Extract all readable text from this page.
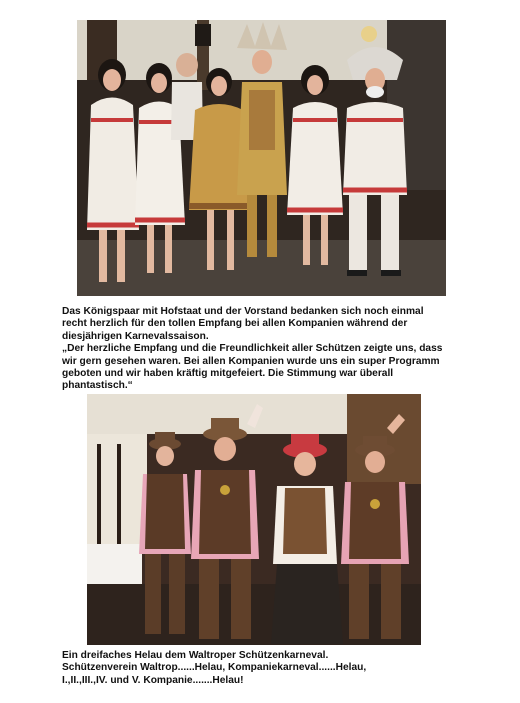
Das Königspaar mit Hofstaat und der Vorstand bedanken sich noch einmal
recht herzlich für den tollen Empfang bei allen Kompanien während der
diesjährigen Karnevalssaison.
„Der herzliche Empfang und die Freundlichkeit aller Schützen zeigte uns, dass
wir gern gesehen waren. Bei allen Kompanien wurde uns ein super Programm
geboten und wir haben kräftig mitgefeiert. Die Stimmung war überall
phantastisch.“
Ein dreifaches Helau dem Waltroper Schützenkarneval.
Schützenverein Waltrop......Helau, Kompaniekarneval......Helau,
I.,II.,III.,IV. und V. Kompanie.......Helau!
